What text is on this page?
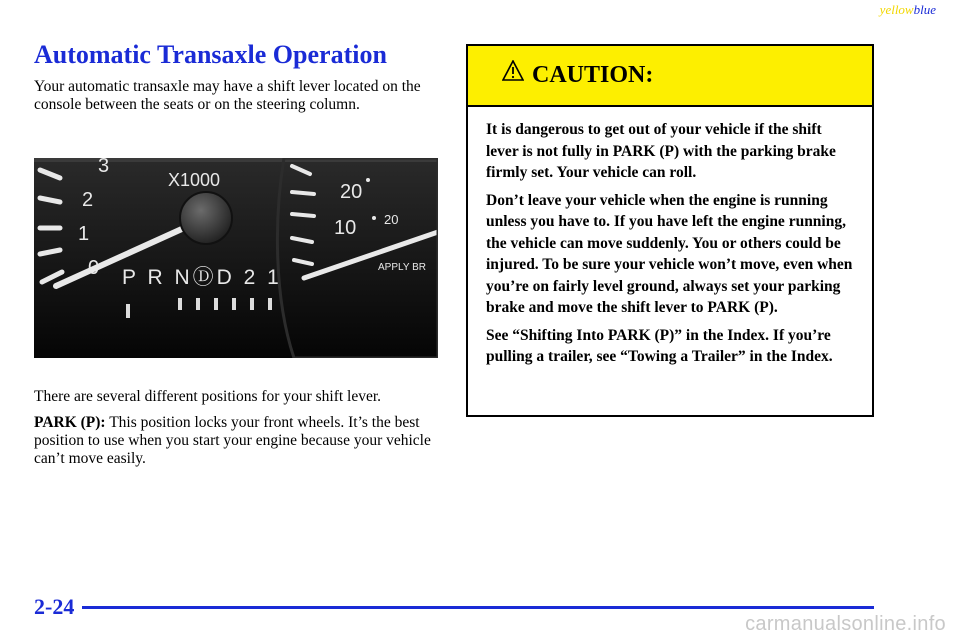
yellowblue
Automatic Transaxle Operation

Your automatic transaxle may have a shift lever located on the console between the seats or on the steering column.

3
2
1
X1000
20
10 20
APPLY BR
P R NⒹD 2 1

There are several different positions for your shift lever.

PARK (P): This position locks your front wheels. It’s the best position to use when you start your engine because your vehicle can’t move easily.

CAUTION:

It is dangerous to get out of your vehicle if the shift lever is not fully in PARK (P) with the parking brake firmly set. Your vehicle can roll.

Don’t leave your vehicle when the engine is running unless you have to. If you have left the engine running, the vehicle can move suddenly. You or others could be injured. To be sure your vehicle won’t move, even when you’re on fairly level ground, always set your parking brake and move the shift lever to PARK (P).

See “Shifting Into PARK (P)” in the Index. If you’re pulling a trailer, see “Towing a Trailer” in the Index.

2-24
carmanualsonline.info
